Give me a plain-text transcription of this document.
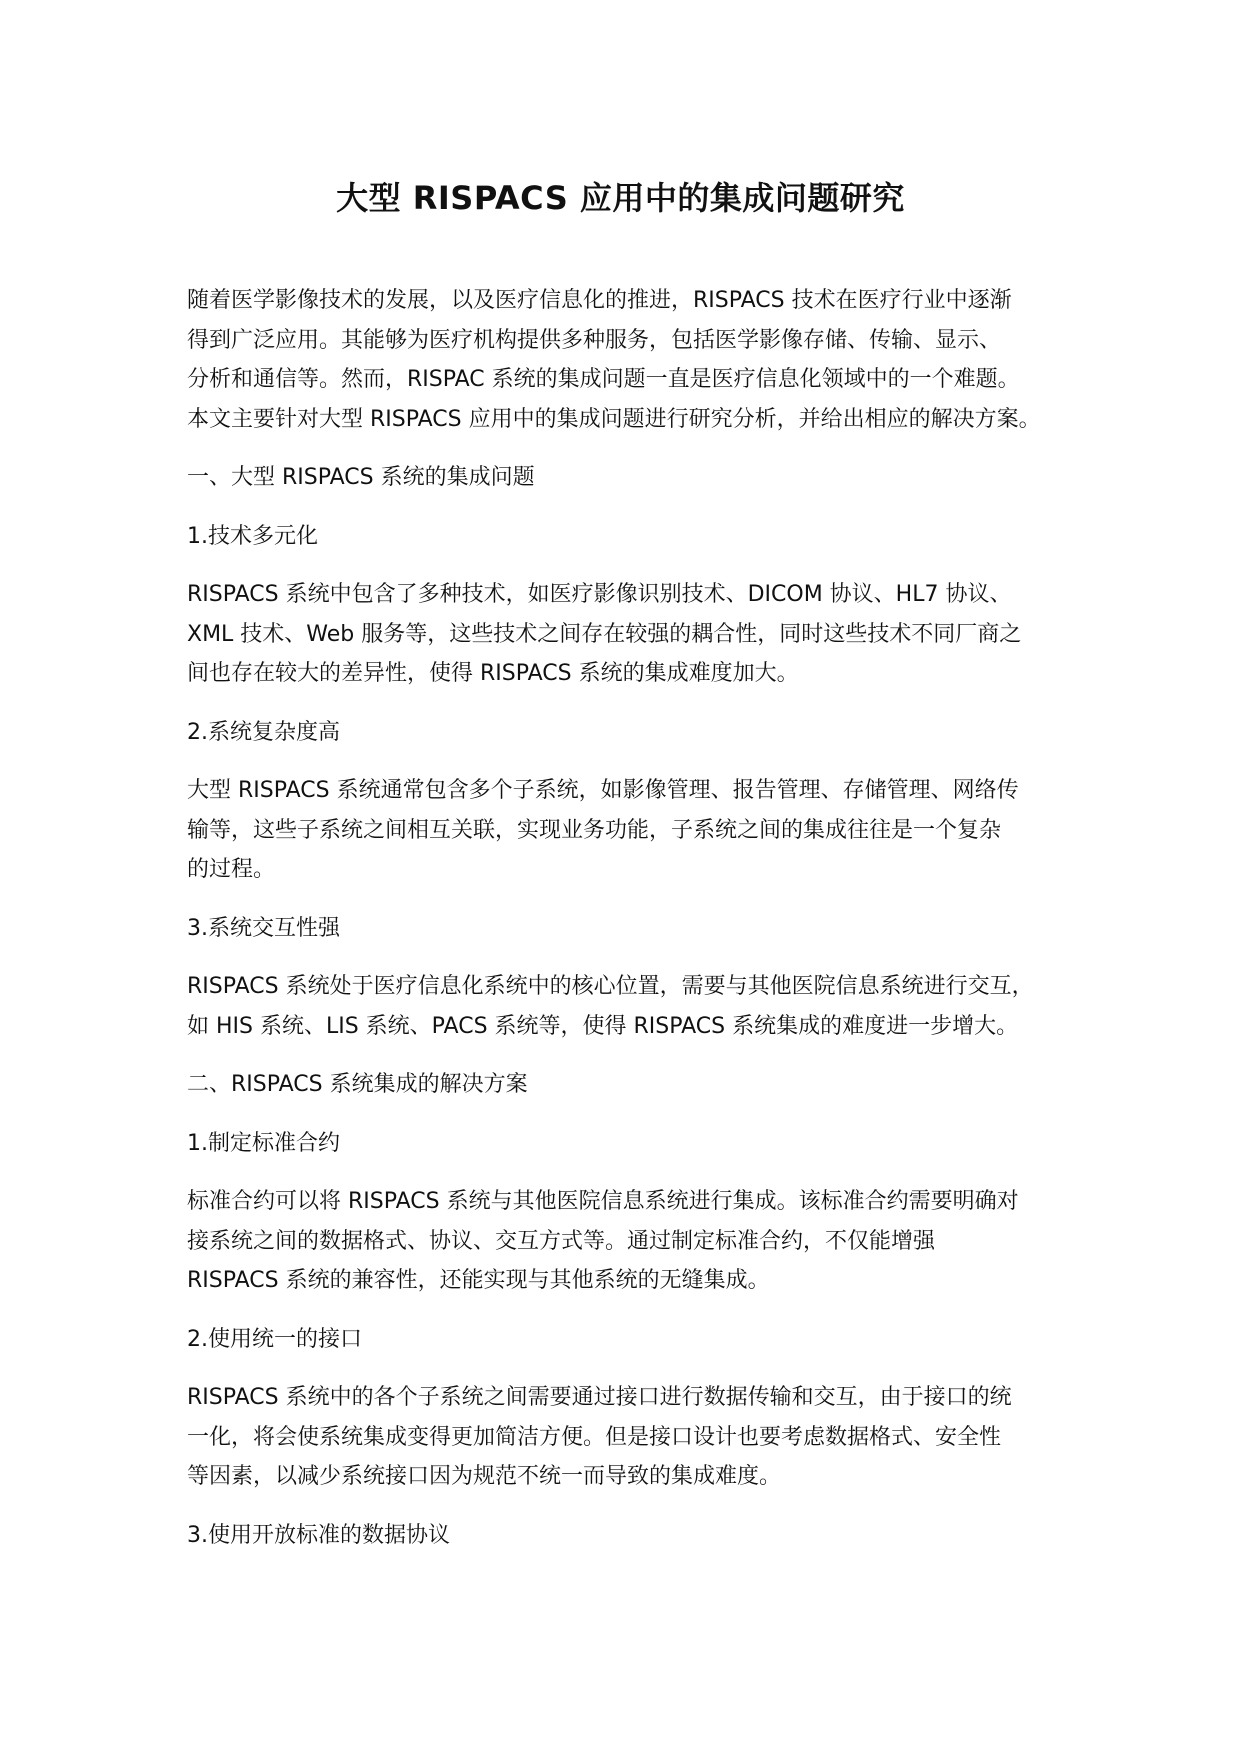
大型 RISPACS 应用中的集成问题研究
随着医学影像技术的发展，以及医疗信息化的推进，RISPACS 技术在医疗行业中逐渐
得到广泛应用。其能够为医疗机构提供多种服务，包括医学影像存储、传输、显示、
分析和通信等。然而，RISPAC 系统的集成问题一直是医疗信息化领域中的一个难题。
本文主要针对大型 RISPACS 应用中的集成问题进行研究分析，并给出相应的解决方案。
一、大型 RISPACS 系统的集成问题
1.技术多元化
RISPACS 系统中包含了多种技术，如医疗影像识别技术、DICOM 协议、HL7 协议、
XML 技术、Web 服务等，这些技术之间存在较强的耦合性，同时这些技术不同厂商之
间也存在较大的差异性，使得 RISPACS 系统的集成难度加大。
2.系统复杂度高
大型 RISPACS 系统通常包含多个子系统，如影像管理、报告管理、存储管理、网络传
输等，这些子系统之间相互关联，实现业务功能，子系统之间的集成往往是一个复杂
的过程。
3.系统交互性强
RISPACS 系统处于医疗信息化系统中的核心位置，需要与其他医院信息系统进行交互，
如 HIS 系统、LIS 系统、PACS 系统等，使得 RISPACS 系统集成的难度进一步增大。
二、RISPACS 系统集成的解决方案
1.制定标准合约
标准合约可以将 RISPACS 系统与其他医院信息系统进行集成。该标准合约需要明确对
接系统之间的数据格式、协议、交互方式等。通过制定标准合约，不仅能增强
RISPACS 系统的兼容性，还能实现与其他系统的无缝集成。
2.使用统一的接口
RISPACS 系统中的各个子系统之间需要通过接口进行数据传输和交互，由于接口的统
一化，将会使系统集成变得更加简洁方便。但是接口设计也要考虑数据格式、安全性
等因素，以减少系统接口因为规范不统一而导致的集成难度。
3.使用开放标准的数据协议
